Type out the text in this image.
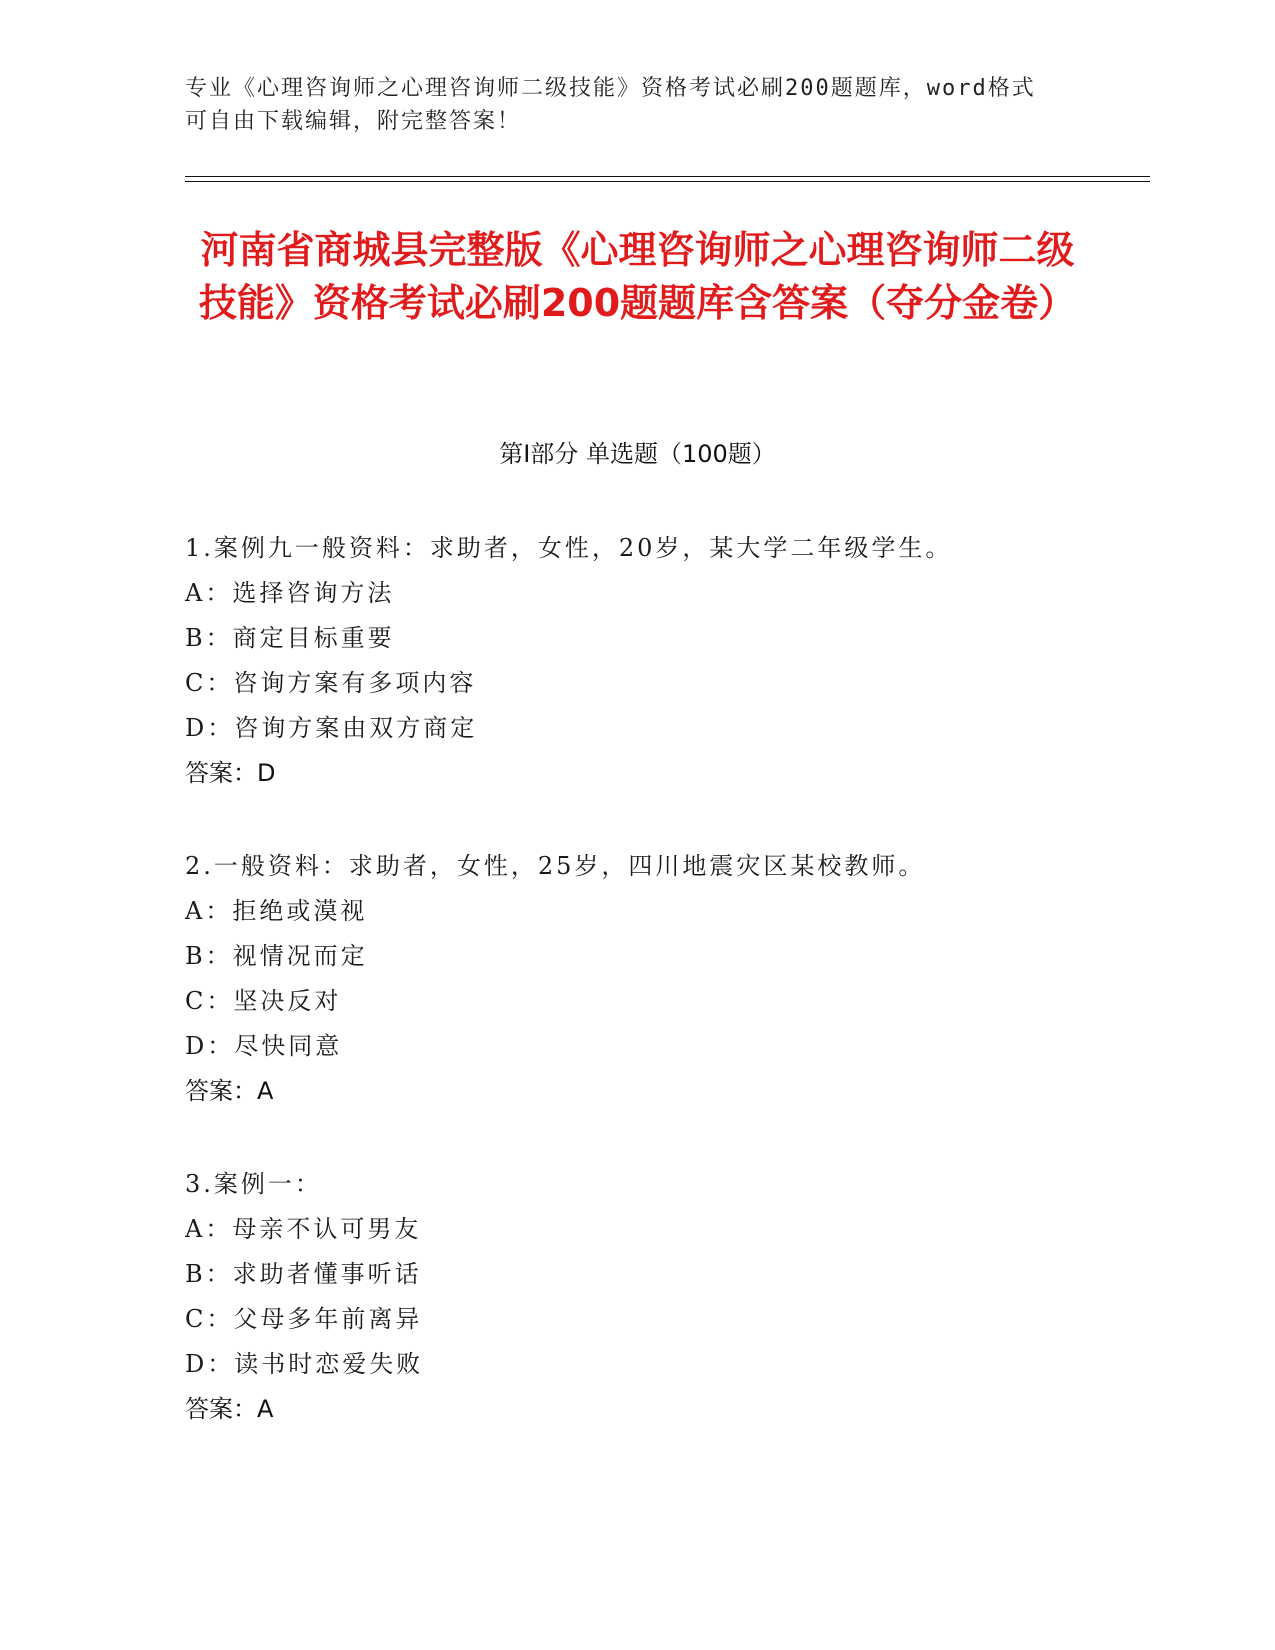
专业《心理咨询师之心理咨询师二级技能》资格考试必刷200题题库，word格式
可自由下载编辑，附完整答案！
河南省商城县完整版《心理咨询师之心理咨询师二级技能》资格考试必刷200题题库含答案（夺分金卷）
第Ⅰ部分 单选题（100题）
1.案例九一般资料：求助者，女性，20岁，某大学二年级学生。
A：选择咨询方法
B：商定目标重要
C：咨询方案有多项内容
D：咨询方案由双方商定
答案：D
2.一般资料：求助者，女性，25岁，四川地震灾区某校教师。
A：拒绝或漠视
B：视情况而定
C：坚决反对
D：尽快同意
答案：A
3.案例一：
A：母亲不认可男友
B：求助者懂事听话
C：父母多年前离异
D：读书时恋爱失败
答案：A
